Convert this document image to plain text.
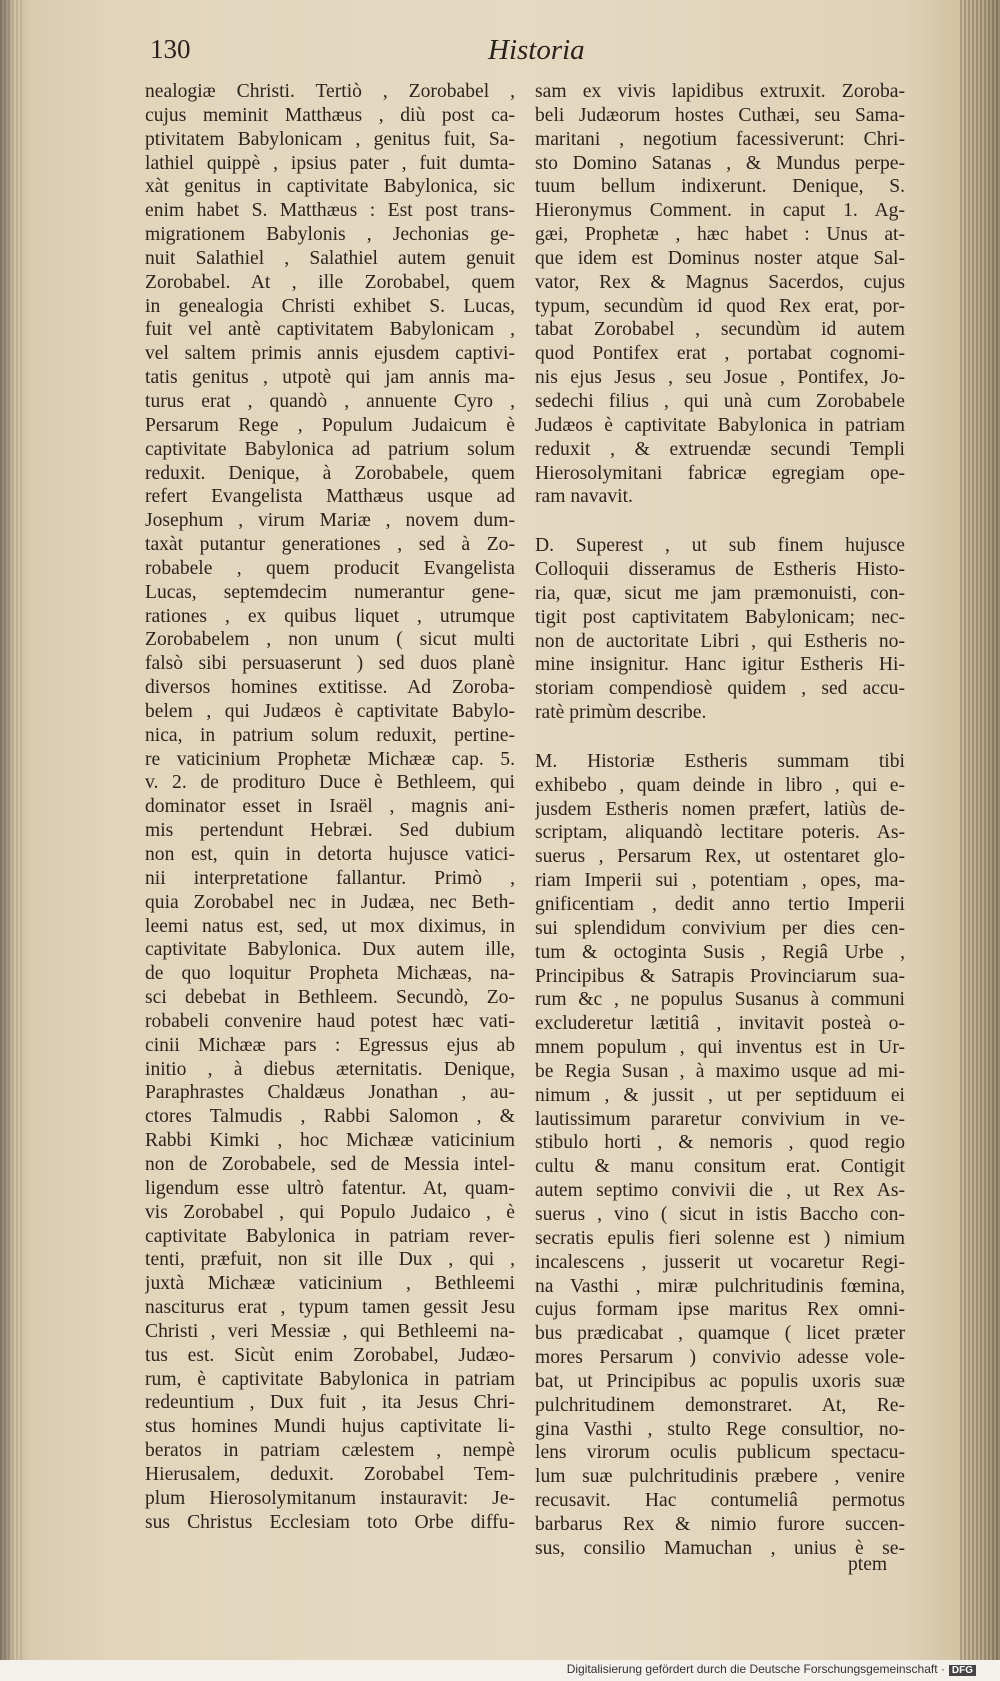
130	Historia

nealogiæ Christi. Tertiò , Zorobabel ,

cujus meminit Matthæus , diù post ca-

ptivitatem Babylonicam , genitus fuit, Sa-

lathiel quippè , ipsius pater , fuit dumta-

xàt genitus in captivitate Babylonica, sic

enim habet S. Matthæus : Est post trans-

migrationem Babylonis , Jechonias ge-

nuit Salathiel , Salathiel autem genuit

Zorobabel. At , ille Zorobabel, quem

in genealogia Christi exhibet S. Lucas,

fuit vel antè captivitatem Babylonicam ,

vel saltem primis annis ejusdem captivi-

tatis genitus , utpotè qui jam annis ma-

turus erat , quandò , annuente Cyro ,

Persarum Rege , Populum Judaicum è

captivitate Babylonica ad patrium solum

reduxit. Denique, à Zorobabele, quem

refert Evangelista Matthæus usque ad

Josephum , virum Mariæ , novem dum-

taxàt putantur generationes , sed à Zo-

robabele , quem producit Evangelista

Lucas, septemdecim numerantur gene-

rationes , ex quibus liquet , utrumque

Zorobabelem , non unum ( sicut multi

falsò sibi persuaserunt ) sed duos planè

diversos homines extitisse. Ad Zoroba-

belem , qui Judæos è captivitate Babylo-

nica, in patrium solum reduxit, pertine-

re vaticinium Prophetæ Michææ cap. 5.

v. 2. de proditurо Duce è Bethleem, qui

dominator esset in Israël , magnis ani-

mis pertendunt Hebræi. Sed dubium

non est, quin in detorta hujusce vatici-

nii interpretatione fallantur. Primò ,

quia Zorobabel nec in Judæa, nec Beth-

leemi natus est, sed, ut mox diximus, in

captivitate Babylonica. Dux autem ille,

de quo loquitur Propheta Michæas, na-

sci debebat in Bethleem. Secundò, Zo-

robabeli convenire haud potest hæc vati-

cinii Michææ pars : Egressus ejus ab

initio , à diebus æternitatis. Denique,

Paraphrastes Chaldæus Jonathan , au-

ctores Talmudis , Rabbi Salomon , &

Rabbi Kimki , hoc Michææ vaticinium

non de Zorobabele, sed de Messia intel-

ligendum esse ultrò fatentur. At, quam-

vis Zorobabel , qui Populo Judaico , è

captivitate Babylonica in patriam rever-

tenti, præfuit, non sit ille Dux , qui ,

juxtà Michææ vaticinium , Bethleemi

nasciturus erat , typum tamen gessit Jesu

Christi , veri Messiæ , qui Bethleemi na-

tus est. Sicùt enim Zorobabel, Judæo-

rum, è captivitate Babylonica in patriam

redeuntium , Dux fuit , ita Jesus Chri-

stus homines Mundi hujus captivitate li-

beratos in patriam cælestem , nempè

Hierusalem, deduxit. Zorobabel Tem-

plum Hierosolymitanum instauravit: Je-

sus Christus Ecclesiam toto Orbe diffu-

sam ex vivis lapidibus extruxit. Zoroba-

beli Judæorum hostes Cuthæi, seu Sama-

maritani , negotium facessiverunt: Chri-

sto Domino Satanas , & Mundus perpe-

tuum bellum indixerunt. Denique, S.

Hieronymus Comment. in caput 1. Ag-

gæi, Prophetæ , hæc habet : Unus at-

que idem est Dominus noster atque Sal-

vator, Rex & Magnus Sacerdos, cujus

typum, secundùm id quod Rex erat, por-

tabat Zorobabel , secundùm id autem

quod Pontifex erat , portabat cognomi-

nis ejus Jesus , seu Josue , Pontifex, Jo-

sedechi filius , qui unà cum Zorobabele

Judæos è captivitate Babylonica in patriam

reduxit , & extruendæ secundi Templi

Hierosolymitani fabricæ egregiam ope-

ram navavit.

D. Superest , ut sub finem hujusce

Colloquii disseramus de Estheris Histo-

ria, quæ, sicut me jam præmonuisti, con-

tigit post captivitatem Babylonicam; nec-

non de auctoritate Libri , qui Estheris no-

mine insignitur. Hanc igitur Estheris Hi-

storiam compendiosè quidem , sed accu-

ratè primùm describe.

M. Historiæ Estheris summam tibi

exhibebo , quam deinde in libro , qui e-

jusdem Estheris nomen præfert, latiùs de-

scriptam, aliquandò lectitare poteris. As-

suerus , Persarum Rex, ut ostentaret glo-

riam Imperii sui , potentiam , opes, ma-

gnificentiam , dedit anno tertio Imperii

sui splendidum convivium per dies cen-

tum & octoginta Susis , Regiâ Urbe ,

Principibus & Satrapis Provinciarum sua-

rum &c , ne populus Susanus à communi

excluderetur lætitiâ , invitavit posteà o-

mnem populum , qui inventus est in Ur-

be Regia Susan , à maximo usque ad mi-

nimum , & jussit , ut per septiduum ei

lautissimum pararetur convivium in ve-

stibulo horti , & nemoris , quod regio

cultu & manu consitum erat. Contigit

autem septimo convivii die , ut Rex As-

suerus , vino ( sicut in istis Baccho con-

secratis epulis fieri solenne est ) nimium

incalescens , jusserit ut vocaretur Regi-

na Vasthi , miræ pulchritudinis fœmina,

cujus formam ipse maritus Rex omni-

bus prædicabat , quamque ( licet præter

mores Persarum ) convivio adesse vole-

bat, ut Principibus ac populis uxoris suæ

pulchritudinem demonstraret. At, Re-

gina Vasthi , stulto Rege consultior, no-

lens virorum oculis publicum spectacu-

lum suæ pulchritudinis præbere , venire

recusavit. Hac contumeliâ permotus

barbarus Rex & nimio furore succen-

sus, consilio Mamuchan , unius è se-

ptem
Digitalisierung gefördert durch die Deutsche Forschungsgemeinschaft · DFG
